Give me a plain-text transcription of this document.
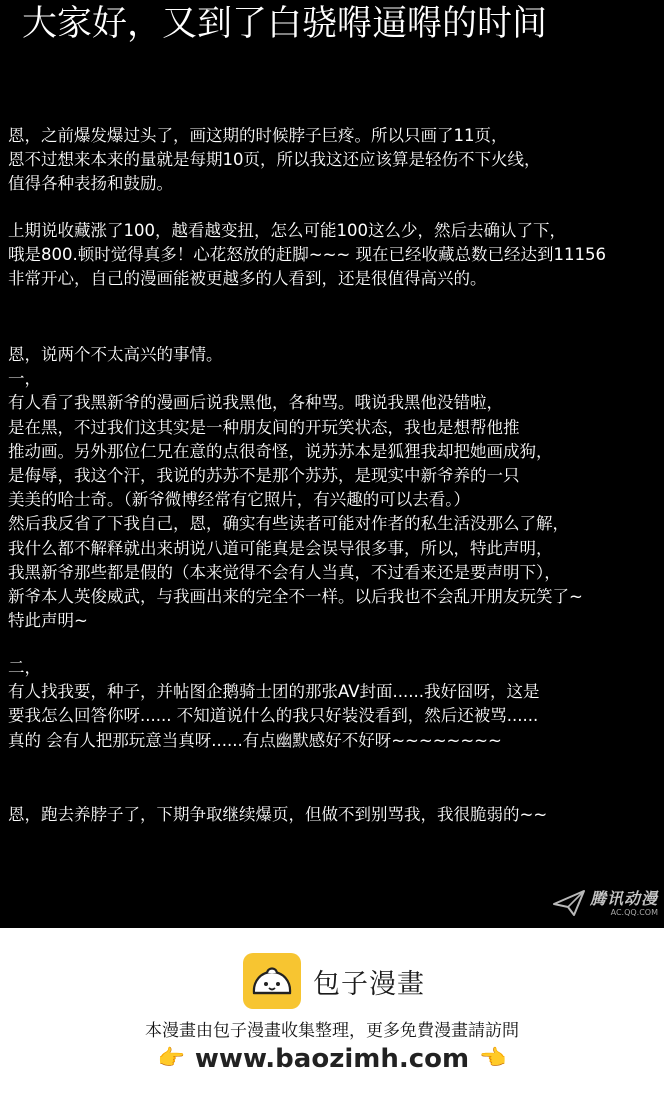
大家好，又到了白骁嘚逼嘚的时间
恩，之前爆发爆过头了，画这期的时候脖子巨疼。所以只画了11页，
恩不过想来本来的量就是每期10页，所以我这还应该算是轻伤不下火线，
值得各种表扬和鼓励。
上期说收藏涨了100，越看越变扭，怎么可能100这么少，然后去确认了下，
哦是800.顿时觉得真多！心花怒放的赶脚~~~ 现在已经收藏总数已经达到11156
非常开心，自己的漫画能被更越多的人看到，还是很值得高兴的。
恩，说两个不太高兴的事情。
一，
有人看了我黑新爷的漫画后说我黑他，各种骂。哦说我黑他没错啦，
是在黑，不过我们这其实是一种朋友间的开玩笑状态，我也是想帮他推
推动画。另外那位仁兄在意的点很奇怪，说苏苏本是狐狸我却把她画成狗，
是侮辱，我这个汗，我说的苏苏不是那个苏苏，是现实中新爷养的一只
美美的哈士奇。（新爷微博经常有它照片，有兴趣的可以去看。）
然后我反省了下我自己，恩，确实有些读者可能对作者的私生活没那么了解，
我什么都不解释就出来胡说八道可能真是会误导很多事，所以，特此声明，
我黑新爷那些都是假的（本来觉得不会有人当真，不过看来还是要声明下），
新爷本人英俊威武，与我画出来的完全不一样。以后我也不会乱开朋友玩笑了~
特此声明~
二，
有人找我要，种子，并帖图企鹅骑士团的那张AV封面......我好囧呀，这是
要我怎么回答你呀...... 不知道说什么的我只好装没看到，然后还被骂......
真的 会有人把那玩意当真呀......有点幽默感好不好呀~~~~~~~~
恩，跑去养脖子了，下期争取继续爆页，但做不到别骂我，我很脆弱的~~
腾讯动漫
AC.QQ.COM
包子漫畫
本漫畫由包子漫畫收集整理，更多免費漫畫請訪問
👉 www.baozimh.com 👈
